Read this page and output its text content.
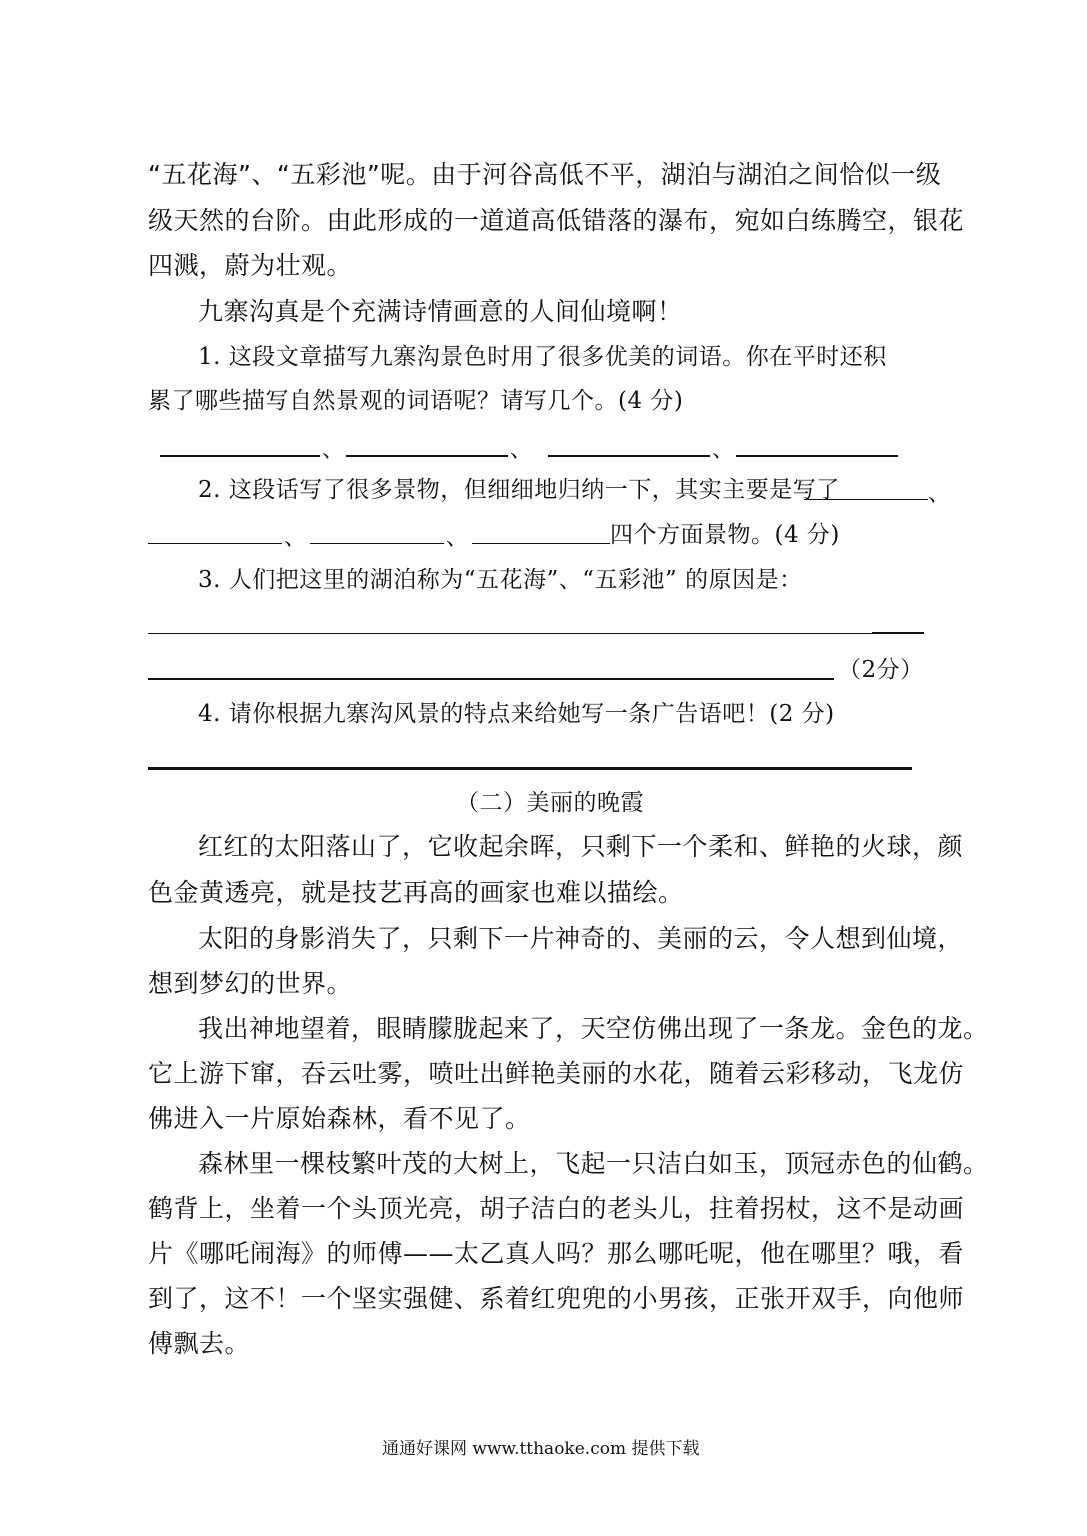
“五花海”、“五彩池”呢。由于河谷高低不平，湖泊与湖泊之间恰似一级
级天然的台阶。由此形成的一道道高低错落的瀑布，宛如白练腾空，银花
四溅，蔚为壮观。
九寨沟真是个充满诗情画意的人间仙境啊！
1. 这段文章描写九寨沟景色时用了很多优美的词语。你在平时还积
累了哪些描写自然景观的词语呢？请写几个。(4 分)
、	、	、
2. 这段话写了很多景物，但细细地归纳一下，其实主要是写了	、
、	、	四个方面景物。(4 分)
3. 人们把这里的湖泊称为“五花海”、“五彩池” 的原因是：
（2分）
4. 请你根据九寨沟风景的特点来给她写一条广告语吧！(2 分)
（二）美丽的晚霞
红红的太阳落山了，它收起余晖，只剩下一个柔和、鲜艳的火球，颜
色金黄透亮，就是技艺再高的画家也难以描绘。
太阳的身影消失了，只剩下一片神奇的、美丽的云，令人想到仙境，
想到梦幻的世界。
我出神地望着，眼睛朦胧起来了，天空仿佛出现了一条龙。金色的龙。
它上游下窜，吞云吐雾，喷吐出鲜艳美丽的水花，随着云彩移动，飞龙仿
佛进入一片原始森林，看不见了。
森林里一棵枝繁叶茂的大树上，飞起一只洁白如玉，顶冠赤色的仙鹤。
鹤背上，坐着一个头顶光亮，胡子洁白的老头儿，拄着拐杖，这不是动画
片《哪吒闹海》的师傅——太乙真人吗？那么哪吒呢，他在哪里？哦，看
到了，这不！一个坚实强健、系着红兜兜的小男孩，正张开双手，向他师
傅飘去。
通通好课网 www.tthaoke.com 提供下载
